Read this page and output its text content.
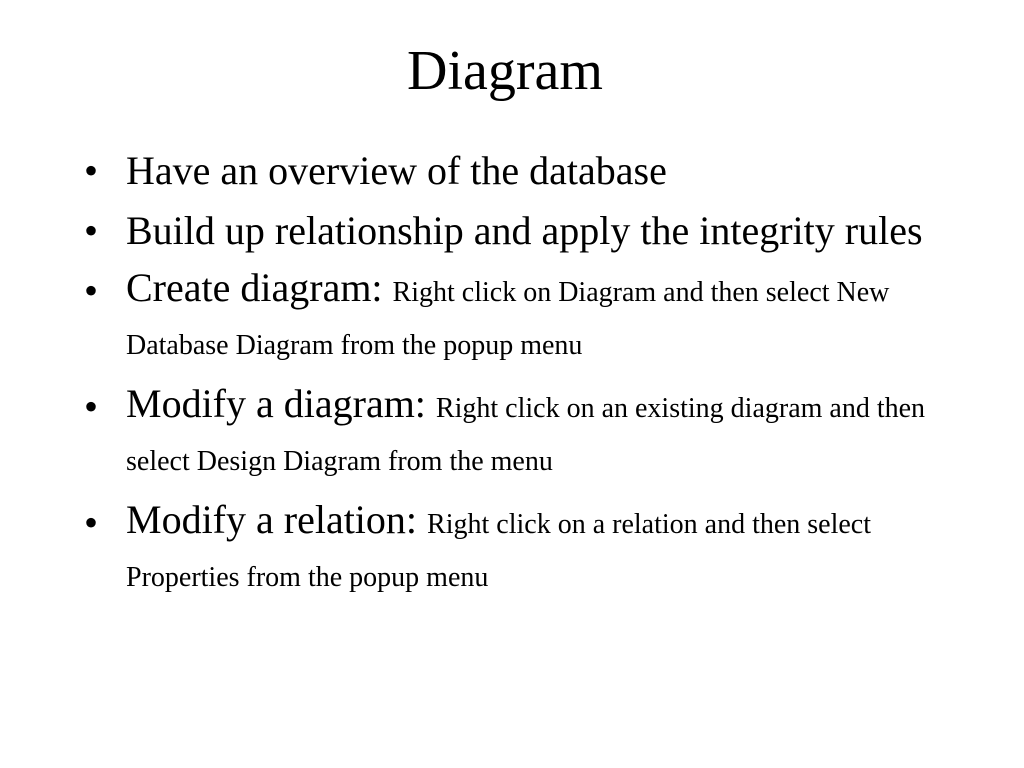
Diagram
• Have an overview of the database
• Build up relationship and apply the integrity rules
• Create diagram: Right click on Diagram and then select New Database Diagram from the popup menu
• Modify a diagram: Right click on an existing diagram and then select Design Diagram from the menu
• Modify a relation: Right click on a relation and then select Properties from the popup menu
